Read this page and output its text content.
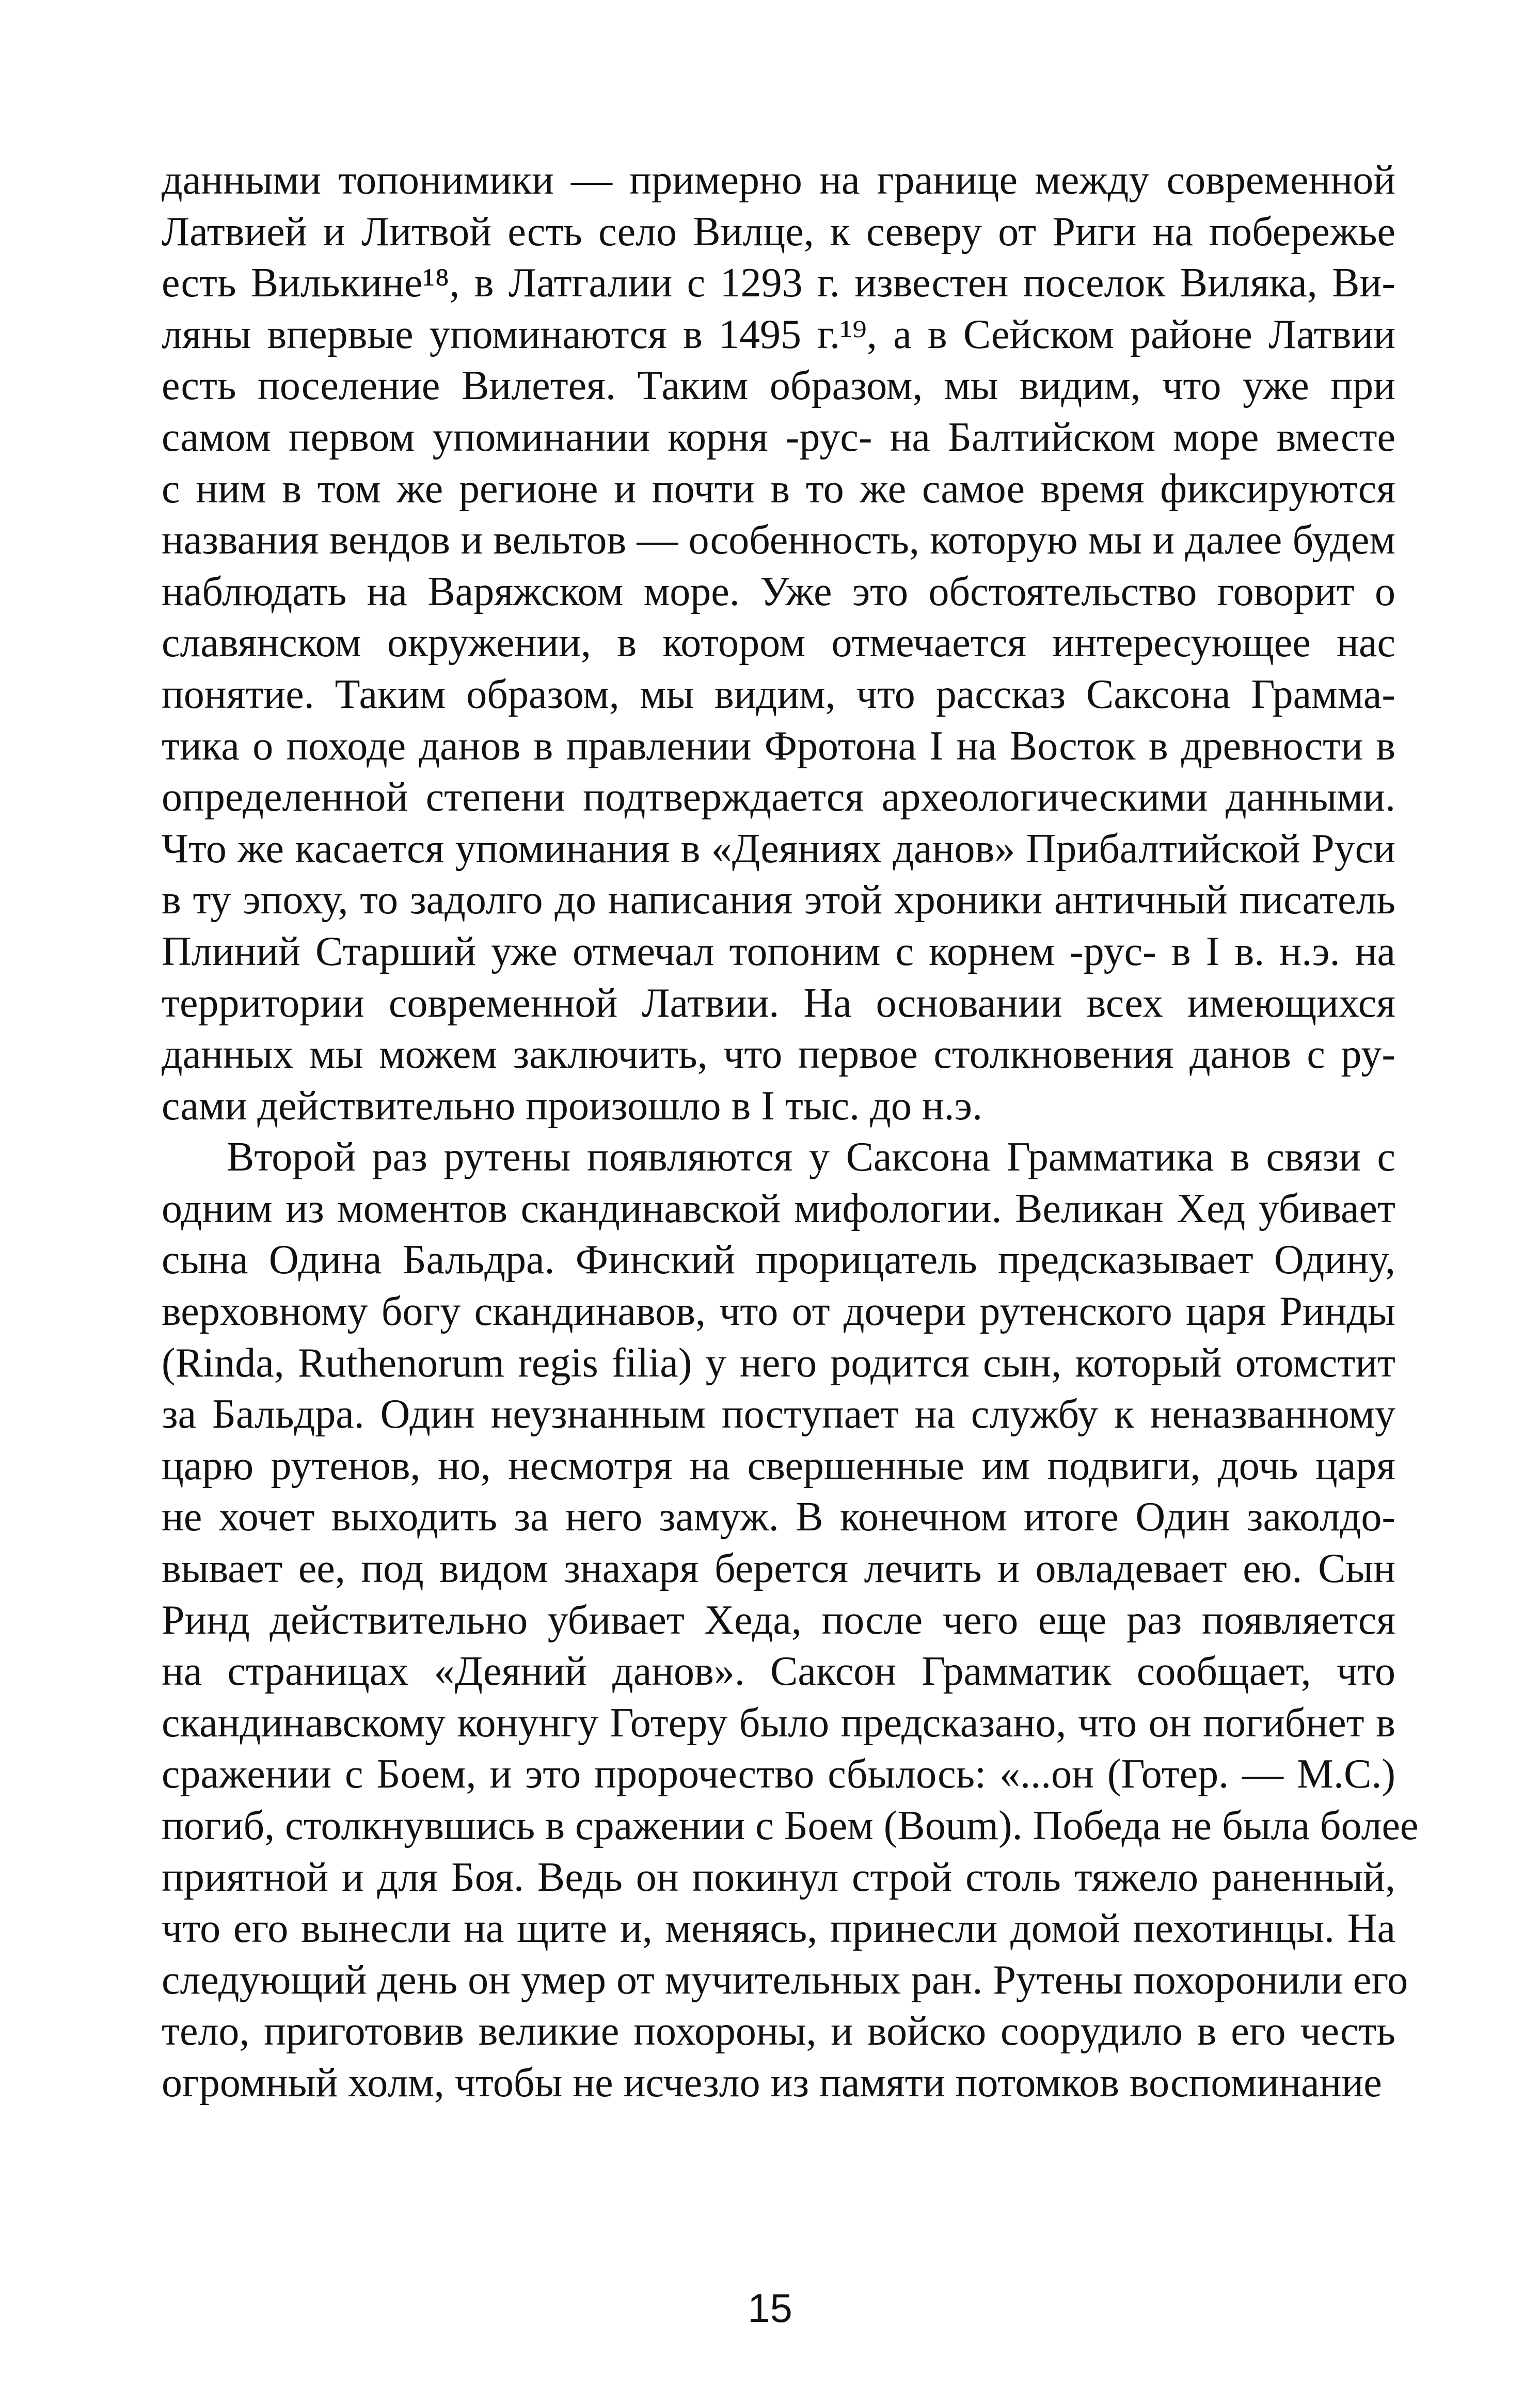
данными топонимики — примерно на границе между современной
Латвией и Литвой есть село Вилце, к северу от Риги на побережье
есть Вилькине¹⁸, в Латгалии с 1293 г. известен поселок Виляка, Ви-
ляны впервые упоминаются в 1495 г.¹⁹, а в Сейском районе Латвии
есть поселение Вилетея. Таким образом, мы видим, что уже при
самом первом упоминании корня -рус- на Балтийском море вместе
с ним в том же регионе и почти в то же самое время фиксируются
названия вендов и вельтов — особенность, которую мы и далее будем
наблюдать на Варяжском море. Уже это обстоятельство говорит о
славянском окружении, в котором отмечается интересующее нас
понятие. Таким образом, мы видим, что рассказ Саксона Грамма-
тика о походе данов в правлении Фротона I на Восток в древности в
определенной степени подтверждается археологическими данными.
Что же касается упоминания в «Деяниях данов» Прибалтийской Руси
в ту эпоху, то задолго до написания этой хроники античный писатель
Плиний Старший уже отмечал топоним с корнем -рус- в I в. н.э. на
территории современной Латвии. На основании всех имеющихся
данных мы можем заключить, что первое столкновения данов с ру-
сами действительно произошло в I тыс. до н.э.
Второй раз рутены появляются у Саксона Грамматика в связи с
одним из моментов скандинавской мифологии. Великан Хед убивает
сына Одина Бальдра. Финский прорицатель предсказывает Одину,
верховному богу скандинавов, что от дочери рутенского царя Ринды
(Rinda, Ruthenorum regis filia) у него родится сын, который отомстит
за Бальдра. Один неузнанным поступает на службу к неназванному
царю рутенов, но, несмотря на свершенные им подвиги, дочь царя
не хочет выходить за него замуж. В конечном итоге Один заколдо-
вывает ее, под видом знахаря берется лечить и овладевает ею. Сын
Ринд действительно убивает Хеда, после чего еще раз появляется
на страницах «Деяний данов». Саксон Грамматик сообщает, что
скандинавскому конунгу Готеру было предсказано, что он погибнет в
сражении с Боем, и это пророчество сбылось: «...он (Готер. — М.С.)
погиб, столкнувшись в сражении с Боем (Boum). Победа не была более
приятной и для Боя. Ведь он покинул строй столь тяжело раненный,
что его вынесли на щите и, меняясь, принесли домой пехотинцы. На
следующий день он умер от мучительных ран. Рутены похоронили его
тело, приготовив великие похороны, и войско соорудило в его честь
огромный холм, чтобы не исчезло из памяти потомков воспоминание
15
